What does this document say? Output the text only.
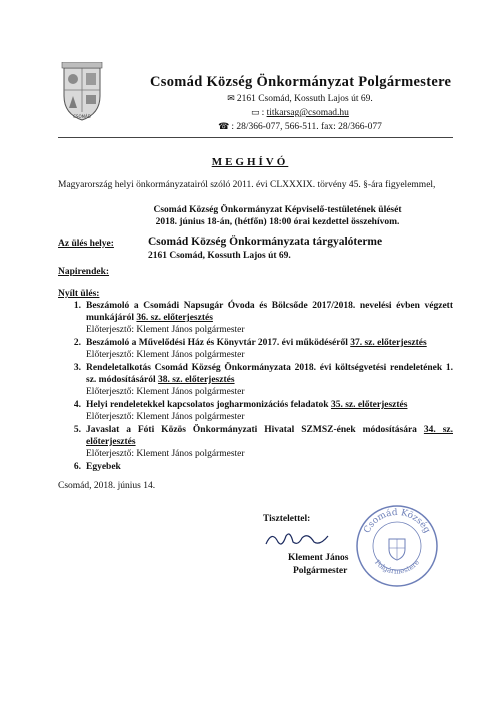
CSOMÁD
Csomád Község Önkormányzat Polgármestere
✉ 2161 Csomád, Kossuth Lajos út 69.
▭ : titkarsag@csomad.hu
☎ : 28/366-077, 566-511. fax: 28/366-077
MEGHÍVÓ
Magyarország helyi önkormányzatairól szóló 2011. évi CLXXXIX. törvény 45. §-ára figyelemmel,
Csomád Község Önkormányzat Képviselő-testületének ülését
2018. június 18-án, (hétfőn) 18:00 órai kezdettel összehívom.
Az ülés helye:	Csomád Község Önkormányzata tárgyalóterme
2161 Csomád, Kossuth Lajos út 69.
Napirendek:
Nyílt ülés:
1. Beszámoló a Csomádi Napsugár Óvoda és Bölcsőde 2017/2018. nevelési évben végzett munkájáról 36. sz. előterjesztés
Előterjesztő: Klement János polgármester
2. Beszámoló a Művelődési Ház és Könyvtár 2017. évi működéséről 37. sz. előterjesztés
Előterjesztő: Klement János polgármester
3. Rendeletalkotás Csomád Község Önkormányzata 2018. évi költségvetési rendeletének 1. sz. módosításáról 38. sz. előterjesztés
Előterjesztő: Klement János polgármester
4. Helyi rendeletekkel kapcsolatos jogharmonizációs feladatok 35. sz. előterjesztés
Előterjesztő: Klement János polgármester
5. Javaslat a Fóti Közös Önkormányzati Hivatal SZMSZ-ének módosítására 34. sz. előterjesztés
Előterjesztő: Klement János polgármester
6. Egyebek
Csomád, 2018. június 14.
Tisztelettel:
Csomád Község
Polgármestere
Klement János
Polgármester
